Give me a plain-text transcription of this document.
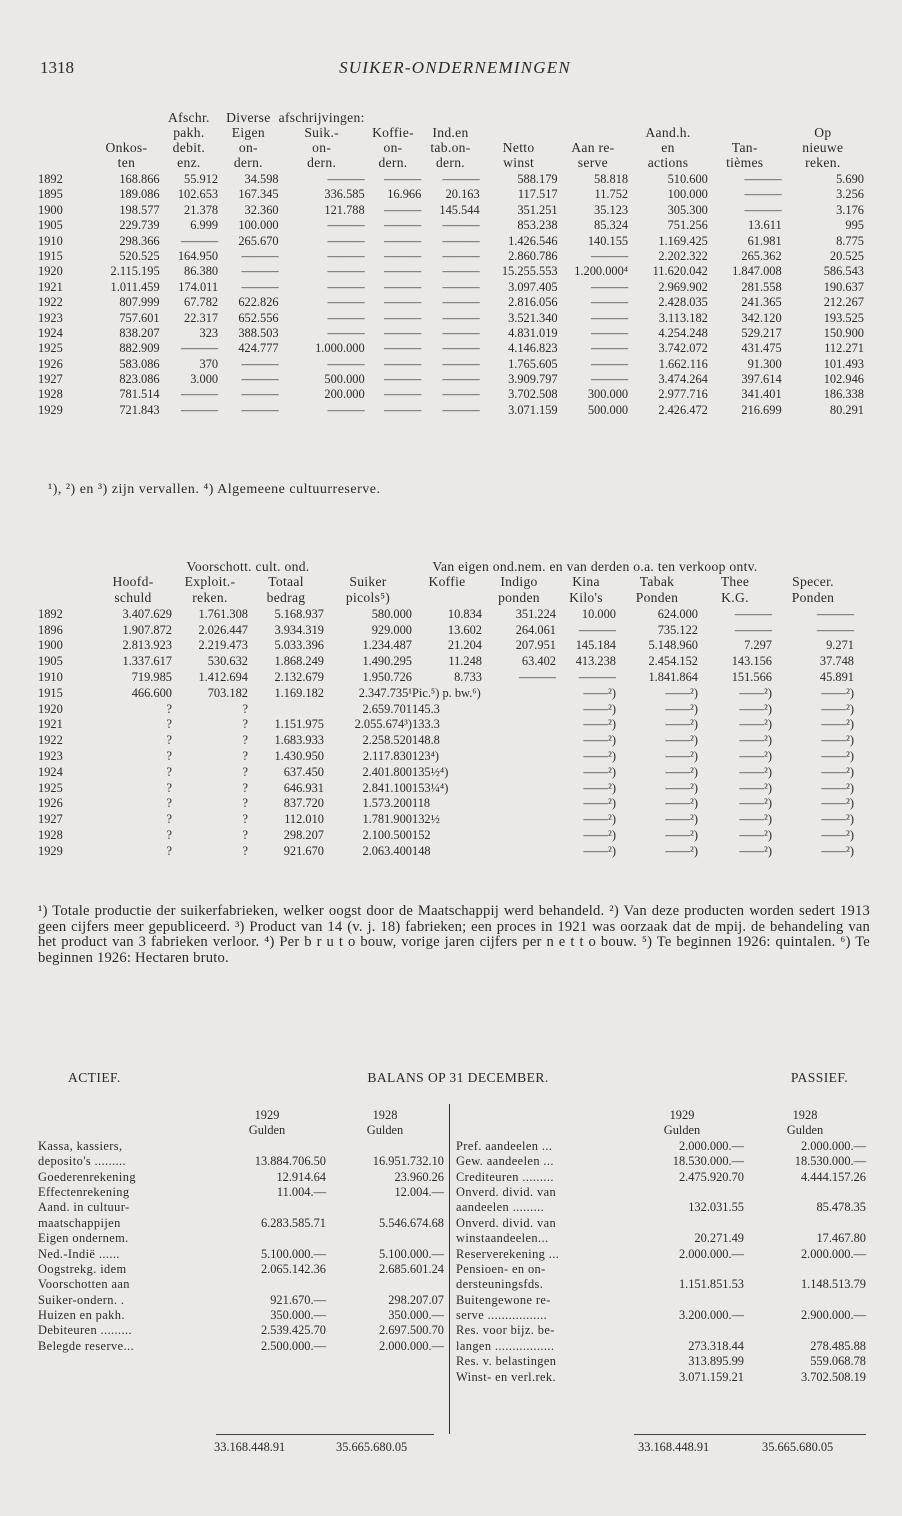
1318	SUIKER-ONDERNEMINGEN
		Afschr.	Diverse	afschrijvingen:							
		pakh.	Eigen	Suik.-	Koffie-	Ind.en			Aand.h.		Op
	Onkos-	debit.	on-	on-	on-	tab.on-	Netto	Aan re-	en	Tan-	nieuwe
	ten	enz.	dern.	dern.	dern.	dern.	winst	serve	actions	tièmes	reken.
1892	168.866	55.912	34.598	———	———	———	588.179	58.818	510.600	———	5.690
1895	189.086	102.653	167.345	336.585	16.966	20.163	117.517	11.752	100.000	———	3.256
1900	198.577	21.378	32.360	121.788	———	145.544	351.251	35.123	305.300	———	3.176
1905	229.739	6.999	100.000	———	———	———	853.238	85.324	751.256	13.611	995
1910	298.366	———	265.670	———	———	———	1.426.546	140.155	1.169.425	61.981	8.775
1915	520.525	164.950	———	———	———	———	2.860.786	———	2.202.322	265.362	20.525
1920	2.115.195	86.380	———	———	———	———	15.255.553	1.200.000⁴	11.620.042	1.847.008	586.543
1921	1.011.459	174.011	———	———	———	———	3.097.405	———	2.969.902	281.558	190.637
1922	807.999	67.782	622.826	———	———	———	2.816.056	———	2.428.035	241.365	212.267
1923	757.601	22.317	652.556	———	———	———	3.521.340	———	3.113.182	342.120	193.525
1924	838.207	323	388.503	———	———	———	4.831.019	———	4.254.248	529.217	150.900
1925	882.909	———	424.777	1.000.000	———	———	4.146.823	———	3.742.072	431.475	112.271
1926	583.086	370	———	———	———	———	1.765.605	———	1.662.116	91.300	101.493
1927	823.086	3.000	———	500.000	———	———	3.909.797	———	3.474.264	397.614	102.946
1928	781.514	———	———	200.000	———	———	3.702.508	300.000	2.977.716	341.401	186.338
1929	721.843	———	———	———	———	———	3.071.159	500.000	2.426.472	216.699	80.291
¹), ²) en ³) zijn vervallen. ⁴) Algemeene cultuurreserve.
		Voorschott. cult. ond.		Van eigen ond.nem. en van derden o.a. ten verkoop ontv.							
	Hoofd-	Exploit.-	Totaal	Suiker	Koffie	Indigo	Kina	Tabak	Thee	Specer.	
	schuld	reken.	bedrag	picols⁵)		ponden	Kilo's	Ponden	K.G.	Ponden	
1892	3.407.629	1.761.308	5.168.937	580.000	10.834	351.224	10.000	624.000	———	———	
1896	1.907.872	2.026.447	3.934.319	929.000	13.602	264.061	———	735.122	———	———	
1900	2.813.923	2.219.473	5.033.396	1.234.487	21.204	207.951	145.184	5.148.960	7.297	9.271	
1905	1.337.617	530.632	1.868.249	1.490.295	11.248	63.402	413.238	2.454.152	143.156	37.748	
1910	719.985	1.412.694	2.132.679	1.950.726	8.733	———	———	1.841.864	151.566	45.891	
1915	466.600	703.182	1.169.182	2.347.735¹	Pic.⁵) p. bw.⁶)		——²)	——²)	——²)	——²)	
1920	?	?		2.659.701	145.3		——²)	——²)	——²)	——²)	
1921	?	?	1.151.975	2.055.674³)	133.3		——²)	——²)	——²)	——²)	
1922	?	?	1.683.933	2.258.520	148.8		——²)	——²)	——²)	——²)	
1923	?	?	1.430.950	2.117.830	123⁴)		——²)	——²)	——²)	——²)	
1924	?	?	637.450	2.401.800	135½⁴)		——²)	——²)	——²)	——²)	
1925	?	?	646.931	2.841.100	153¼⁴)		——²)	——²)	——²)	——²)	
1926	?	?	837.720	1.573.200	118		——²)	——²)	——²)	——²)	
1927	?	?	112.010	1.781.900	132½		——²)	——²)	——²)	——²)	
1928	?	?	298.207	2.100.500	152		——²)	——²)	——²)	——²)	
1929	?	?	921.670	2.063.400	148		——²)	——²)	——²)	——²)	
¹) Totale productie der suikerfabrieken, welker oogst door de Maatschappij werd behandeld. ²) Van deze producten worden sedert 1913 geen cijfers meer gepubliceerd. ³) Product van 14 (v. j. 18) fabrieken; een proces in 1921 was oorzaak dat de mpij. de behandeling van het product van 3 fabrieken verloor. ⁴) Per b r u t o bouw, vorige jaren cijfers per n e t t o bouw. ⁵) Te beginnen 1926: quintalen. ⁶) Te beginnen 1926: Hectaren bruto.
ACTIEF.	BALANS OP 31 DECEMBER.	PASSIEF.
	1929	1928
	Gulden	Gulden
Kassa, kassiers,		
deposito's .........	13.884.706.50	16.951.732.10
Goederenrekening	12.914.64	23.960.26
Effectenrekening	11.004.—	12.004.—
Aand. in cultuur-		
maatschappijen	6.283.585.71	5.546.674.68
Eigen ondernem.		
Ned.-Indië ......	5.100.000.—	5.100.000.—
Oogstrekg. idem	2.065.142.36	2.685.601.24
Voorschotten aan		
Suiker-ondern. .	921.670.—	298.207.07
Huizen en pakh.	350.000.—	350.000.—
Debiteuren .........	2.539.425.70	2.697.500.70
Belegde reserve...	2.500.000.—	2.000.000.—
	1929	1928
	Gulden	Gulden
Pref. aandeelen ...	2.000.000.—	2.000.000.—
Gew. aandeelen ...	18.530.000.—	18.530.000.—
Crediteuren .........	2.475.920.70	4.444.157.26
Onverd. divid. van		
aandeelen .........	132.031.55	85.478.35
Onverd. divid. van		
winstaandeelen...	20.271.49	17.467.80
Reserverekening ...	2.000.000.—	2.000.000.—
Pensioen- en on-		
dersteuningsfds.	1.151.851.53	1.148.513.79
Buitengewone re-		
serve .................	3.200.000.—	2.900.000.—
Res. voor bijz. be-		
langen .................	273.318.44	278.485.88
Res. v. belastingen	313.895.99	559.068.78
Winst- en verl.rek.	3.071.159.21	3.702.508.19
33.168.448.91	35.665.680.05	33.168.448.91	35.665.680.05
